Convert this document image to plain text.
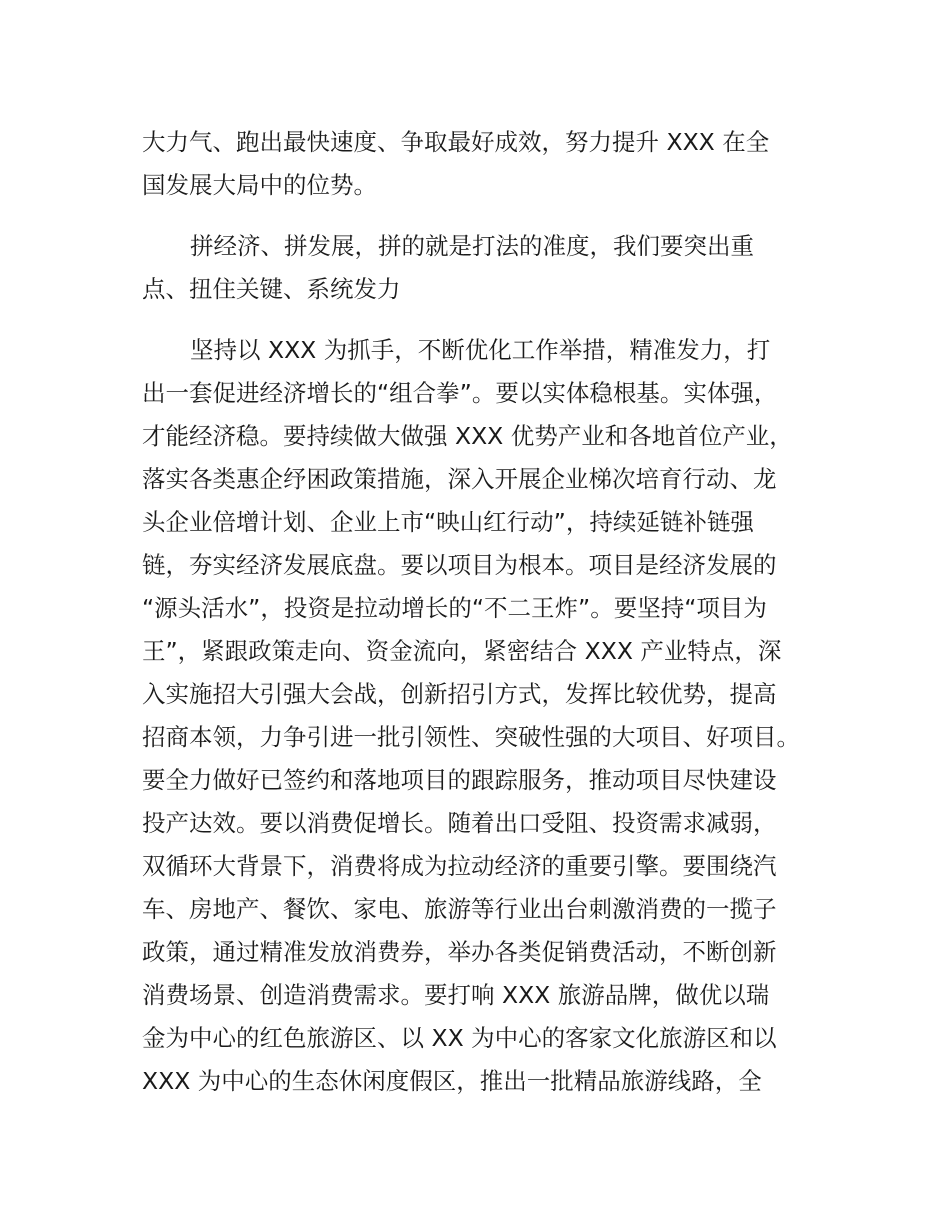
大力气、跑出最快速度、争取最好成效，努力提升 XXX 在全
国发展大局中的位势。
拼经济、拼发展，拼的就是打法的准度，我们要突出重
点、扭住关键、系统发力
坚持以 XXX 为抓手，不断优化工作举措，精准发力，打
出一套促进经济增长的“组合拳”。要以实体稳根基。实体强，
才能经济稳。要持续做大做强 XXX 优势产业和各地首位产业，
落实各类惠企纾困政策措施，深入开展企业梯次培育行动、龙
头企业倍增计划、企业上市“映山红行动”，持续延链补链强
链，夯实经济发展底盘。要以项目为根本。项目是经济发展的
“源头活水”，投资是拉动增长的“不二王炸”。要坚持“项目为
王”，紧跟政策走向、资金流向，紧密结合 XXX 产业特点，深
入实施招大引强大会战，创新招引方式，发挥比较优势，提高
招商本领，力争引进一批引领性、突破性强的大项目、好项目。
要全力做好已签约和落地项目的跟踪服务，推动项目尽快建设
投产达效。要以消费促增长。随着出口受阻、投资需求减弱，
双循环大背景下，消费将成为拉动经济的重要引擎。要围绕汽
车、房地产、餐饮、家电、旅游等行业出台刺激消费的一揽子
政策，通过精准发放消费券，举办各类促销费活动，不断创新
消费场景、创造消费需求。要打响 XXX 旅游品牌，做优以瑞
金为中心的红色旅游区、以 XX 为中心的客家文化旅游区和以
XXX 为中心的生态休闲度假区，推出一批精品旅游线路，全
